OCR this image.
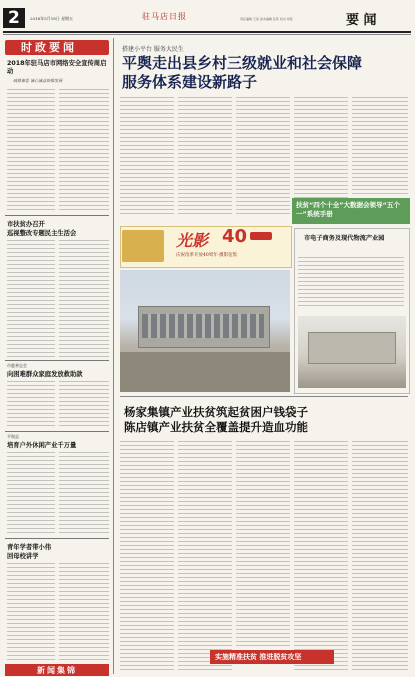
2	2018年5月18日 星期五	驻马店日报	责任编辑 王某 美术编辑 张某 校对 刘某	要 闻
时政要闻
2018年驻马店市网络安全宣传周启动
威鼎秦思 诚心诚意助推发展
市扶贫办召开
巡视整改专题民主生活会
市慈善总会
向困难群众家庭发放救助款
平舆县
培育户外休闲产业千万量
青年学者带小伟
回母校讲学
新闻集锦
搭建小平台 服务大民生
平舆走出县乡村三级就业和社会保障
服务体系建设新路子
扶贫“四个十全”大数据会领导“五个一”系统手册
光影 40
庆祝改革开放40周年·摄影征集
市电子商务及现代物流产业园
杨家集镇产业扶贫筑起贫困户钱袋子
陈店镇产业扶贫全覆盖提升造血功能
实施精准扶贫 推进脱贫攻坚
